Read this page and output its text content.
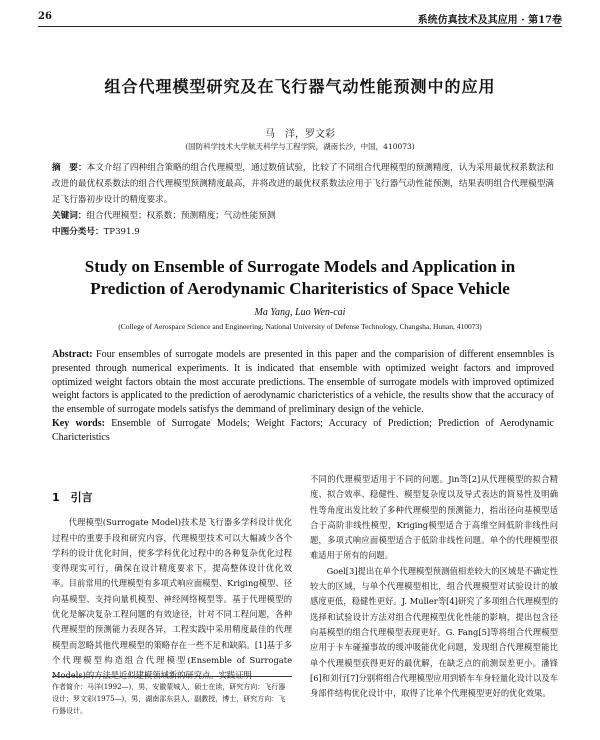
26	系统仿真技术及其应用 · 第17卷
组合代理模型研究及在飞行器气动性能预测中的应用
马　洋，罗文彩
(国防科学技术大学航天科学与工程学院，湖南长沙，中国，410073)
摘　要：本文介绍了四种组合策略的组合代理模型，通过数值试验，比较了不同组合代理模型的预测精度，认为采用最优权系数法和改进的最优权系数法的组合代理模型预测精度最高，并将改进的最优权系数法应用于飞行器气动性能预测，结果表明组合代理模型满足飞行器初步设计的精度要求。
关键词：组合代理模型；权系数；预测精度；气动性能预测
中图分类号：TP391.9
Study on Ensemble of Surrogate Models and Application in
Prediction of Aerodynamic Chariteristics of Space Vehicle
Ma Yang, Luo Wen-cai
(College of Aerospace Science and Engineering, National University of Defense Technology, Changsha, Hunan, 410073)
Abstract: Four ensembles of surrogate models are presented in this paper and the comparision of different ensemnbles is presented through numerical experiments. It is indicated that ensemble with optimized weight factors and improved optimized weight factors obtain the most accurate predictions. The ensemble of surrogate models with improved optimized weight factors is applicated to the prediction of aerodynamic charicteristics of a vehicle, the results show that the accuracy of the ensemble of surrogate models satisfys the demmand of preliminary design of the vehicle.
Key words: Ensemble of Surrogate Models; Weight Factors; Accuracy of Prediction; Prediction of Aerodynamic Charicteristics
1　引言

代理模型(Surrogate Model)技术是飞行器多学科设计优化过程中的重要手段和研究内容，代理模型技术可以大幅减少各个学科的设计优化时间，使多学科优化过程中的各种复杂优化过程变得现实可行，确保在设计精度要求下，提高整体设计优化效率。目前常用的代理模型有多项式响应面模型、Kriging模型、径向基模型、支持向量机模型、神经网络模型等。基于代理模型的优化是解决复杂工程问题的有效途径，针对不同工程问题，各种代理模型的预测能力表现各异，工程实践中采用精度最佳的代理模型而忽略其他代理模型的策略存在一些不足和缺陷。[1]基于多个代理模型构造组合代理模型(Ensemble of Surrogate Models)的方法是近似建模领域新的研究点。实践证明

不同的代理模型适用于不同的问题。Jin等[2]从代理模型的拟合精度、拟合效率、稳健性、模型复杂度以及导式表达的简易性及明确性等角度出发比较了多种代理模型的预测能力，指出径向基模型适合于高阶非线性模型，Kriging模型适合于高维空间低阶非线性问题，多项式响应面模型适合于低阶非线性问题。单个的代理模型很难适用于所有的问题。

Goel[3]提出在单个代理模型预测值相差较大的区域是不确定性较大的区域，与单个代理模型相比，组合代理模型对试验设计的敏感度更低，稳健性更好。J. Muller等[4]研究了多项组合代理模型的选择和试验设计方法对组合代理模型优化性能的影响，提出包含径向基模型的组合代理模型表现更好。G. Fang[5]等将组合代理模型应用于卡车碰撞事故的缓冲吸能优化问题，发现组合代理模型能比单个代理模型获得更好的最优解，在缺乏点的前测误差更小。潘锋[6]和刘行[7]分别将组合代理模型应用到轿车车身轻量化设计以及车身部件结构优化设计中，取得了比单个代理模型更好的优化效果。

作者简介：马洋(1992—)，男，安徽蒙城人，硕士在读，研究方向：飞行器设计；罗文彩(1975—)，男，湖南邵东县人，副教授，博士，研究方向：飞行器设计。
